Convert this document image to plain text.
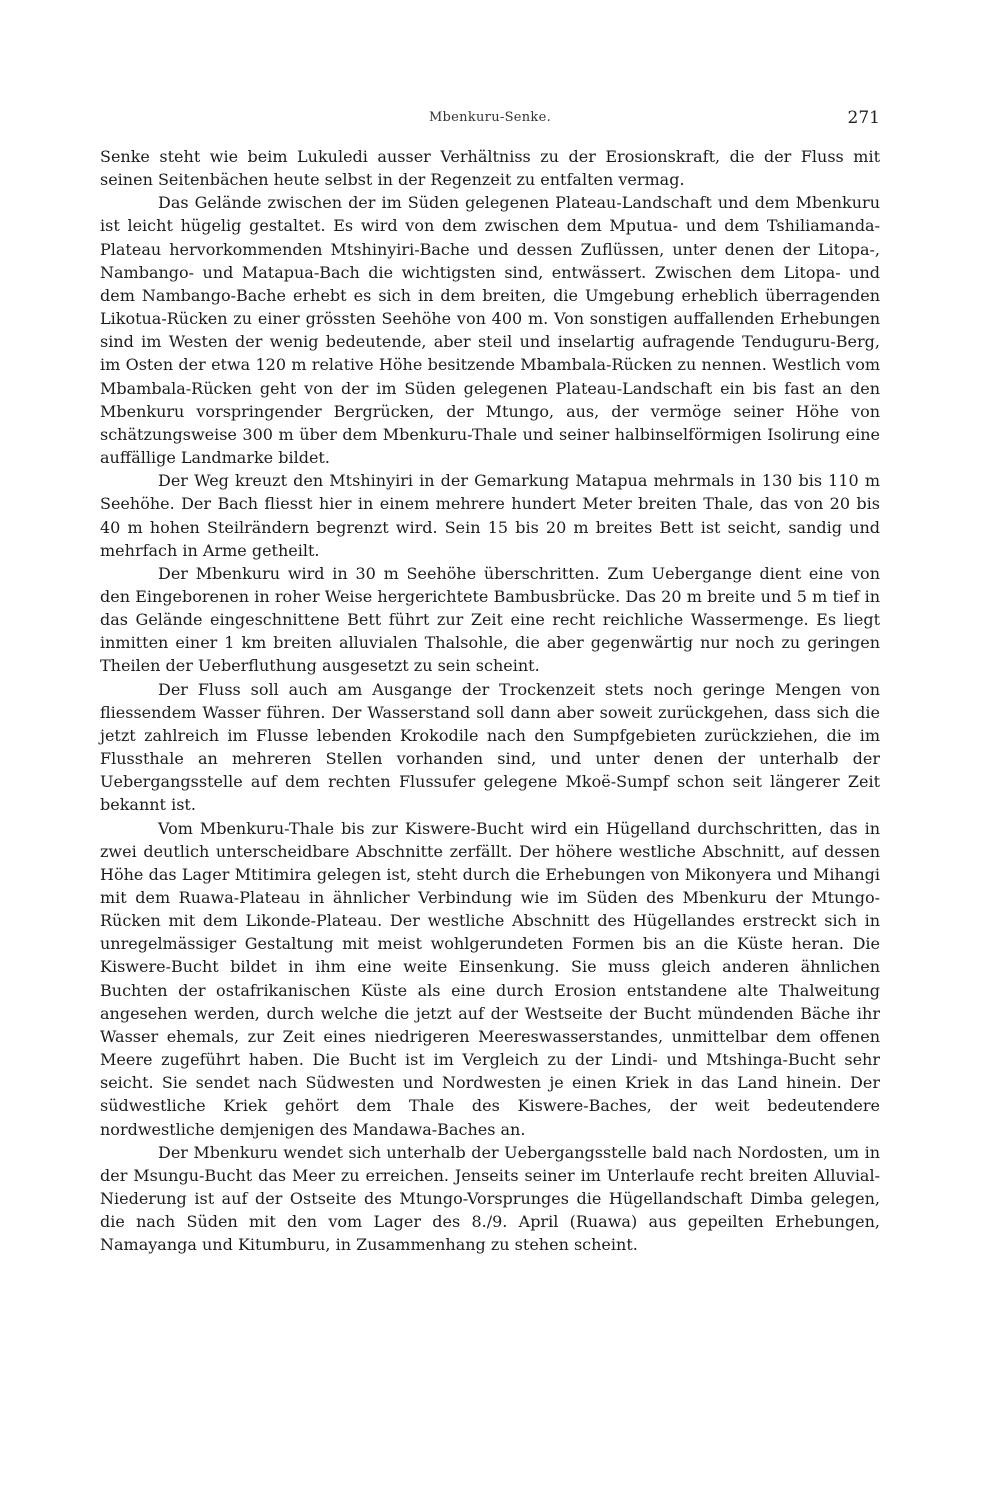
Mbenkuru-Senke.	271

Senke steht wie beim Lukuledi ausser Verhältniss zu der Erosionskraft, die der Fluss mit seinen Seitenbächen heute selbst in der Regenzeit zu entfalten vermag.

Das Gelände zwischen der im Süden gelegenen Plateau-Landschaft und dem Mbenkuru ist leicht hügelig gestaltet. Es wird von dem zwischen dem Mputua- und dem Tshiliamanda-Plateau hervorkommenden Mtshinyiri-Bache und dessen Zuflüssen, unter denen der Litopa-, Nambango- und Matapua-Bach die wichtigsten sind, entwässert. Zwischen dem Litopa- und dem Nambango-Bache erhebt es sich in dem breiten, die Umgebung erheblich überragenden Likotua-Rücken zu einer grössten Seehöhe von 400 m. Von sonstigen auffallenden Erhebungen sind im Westen der wenig bedeutende, aber steil und inselartig aufragende Tenduguru-Berg, im Osten der etwa 120 m relative Höhe besitzende Mbambala-Rücken zu nennen. Westlich vom Mbambala-Rücken geht von der im Süden gelegenen Plateau-Landschaft ein bis fast an den Mbenkuru vorspringender Bergrücken, der Mtungo, aus, der vermöge seiner Höhe von schätzungsweise 300 m über dem Mbenkuru-Thale und seiner halbinselförmigen Isolirung eine auffällige Landmarke bildet.

Der Weg kreuzt den Mtshinyiri in der Gemarkung Matapua mehrmals in 130 bis 110 m Seehöhe. Der Bach fliesst hier in einem mehrere hundert Meter breiten Thale, das von 20 bis 40 m hohen Steilrändern begrenzt wird. Sein 15 bis 20 m breites Bett ist seicht, sandig und mehrfach in Arme getheilt.

Der Mbenkuru wird in 30 m Seehöhe überschritten. Zum Uebergange dient eine von den Eingeborenen in roher Weise hergerichtete Bambusbrücke. Das 20 m breite und 5 m tief in das Gelände eingeschnittene Bett führt zur Zeit eine recht reichliche Wassermenge. Es liegt inmitten einer 1 km breiten alluvialen Thalsohle, die aber gegenwärtig nur noch zu geringen Theilen der Ueberfluthung ausgesetzt zu sein scheint.

Der Fluss soll auch am Ausgange der Trockenzeit stets noch geringe Mengen von fliessendem Wasser führen. Der Wasserstand soll dann aber soweit zurückgehen, dass sich die jetzt zahlreich im Flusse lebenden Krokodile nach den Sumpfgebieten zurückziehen, die im Flussthale an mehreren Stellen vorhanden sind, und unter denen der unterhalb der Uebergangsstelle auf dem rechten Flussufer gelegene Mkoë-Sumpf schon seit längerer Zeit bekannt ist.

Vom Mbenkuru-Thale bis zur Kiswere-Bucht wird ein Hügelland durchschritten, das in zwei deutlich unterscheidbare Abschnitte zerfällt. Der höhere westliche Abschnitt, auf dessen Höhe das Lager Mtitimira gelegen ist, steht durch die Erhebungen von Mikonyera und Mihangi mit dem Ruawa-Plateau in ähnlicher Verbindung wie im Süden des Mbenkuru der Mtungo-Rücken mit dem Likonde-Plateau. Der westliche Abschnitt des Hügellandes erstreckt sich in unregelmässiger Gestaltung mit meist wohlgerundeten Formen bis an die Küste heran. Die Kiswere-Bucht bildet in ihm eine weite Einsenkung. Sie muss gleich anderen ähnlichen Buchten der ostafrikanischen Küste als eine durch Erosion entstandene alte Thalweitung angesehen werden, durch welche die jetzt auf der Westseite der Bucht mündenden Bäche ihr Wasser ehemals, zur Zeit eines niedrigeren Meereswasserstandes, unmittelbar dem offenen Meere zugeführt haben. Die Bucht ist im Vergleich zu der Lindi- und Mtshinga-Bucht sehr seicht. Sie sendet nach Südwesten und Nordwesten je einen Kriek in das Land hinein. Der südwestliche Kriek gehört dem Thale des Kiswere-Baches, der weit bedeutendere nordwestliche demjenigen des Mandawa-Baches an.

Der Mbenkuru wendet sich unterhalb der Uebergangsstelle bald nach Nordosten, um in der Msungu-Bucht das Meer zu erreichen. Jenseits seiner im Unterlaufe recht breiten Alluvial-Niederung ist auf der Ostseite des Mtungo-Vorsprunges die Hügellandschaft Dimba gelegen, die nach Süden mit den vom Lager des 8./9. April (Ruawa) aus gepeilten Erhebungen, Namayanga und Kitumburu, in Zusammenhang zu stehen scheint.
